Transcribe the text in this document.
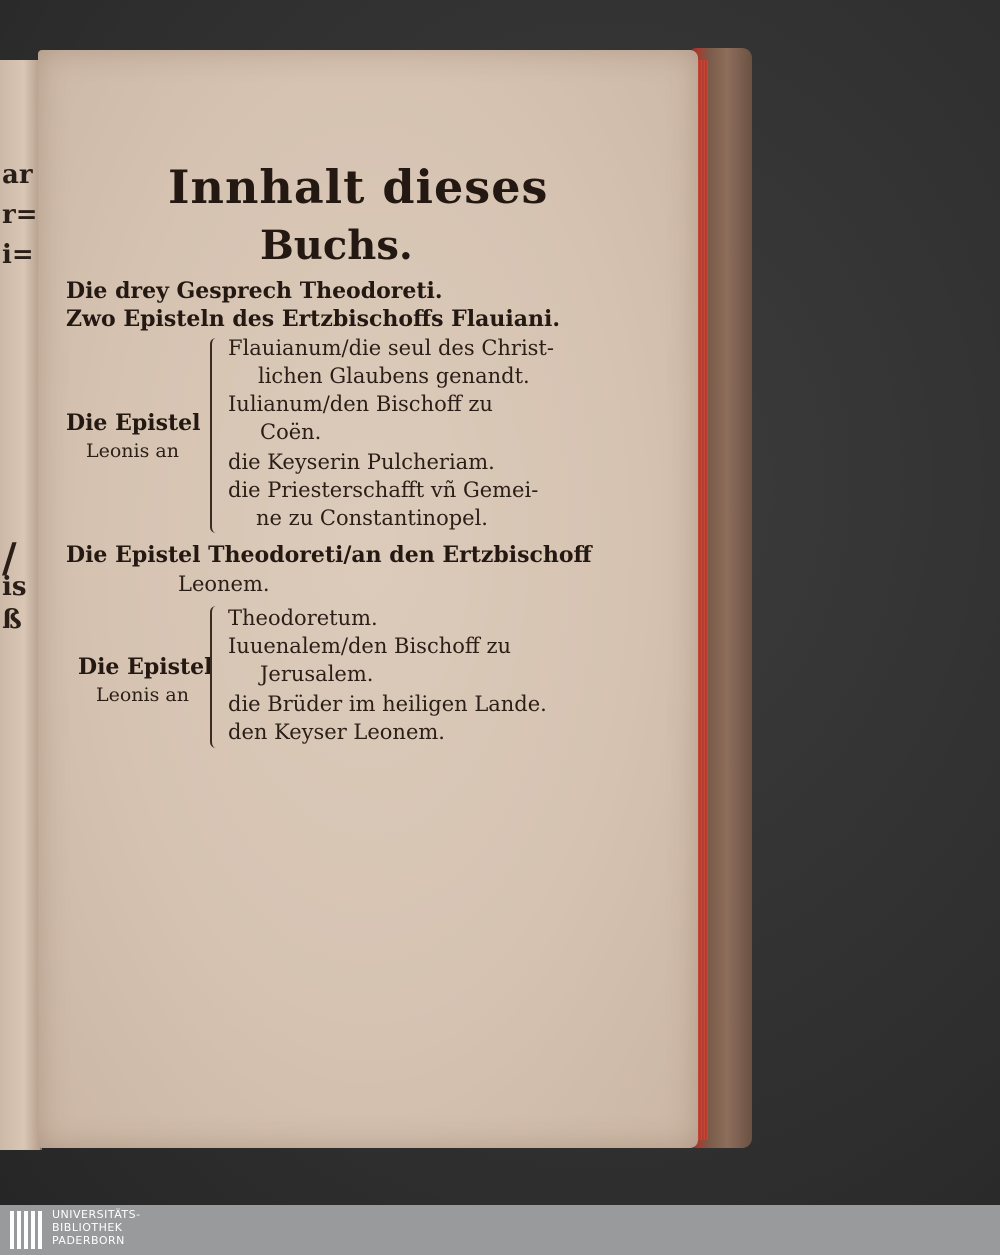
ar
r=
i=
/
is
ß
Innhalt dieses
Buchs.
Die drey Gesprech Theodoreti.
Zwo Episteln des Ertzbischoffs Flauiani.
Die Epistel
Leonis an
Flauianum/die seul des Christ-
lichen Glaubens genandt.
Iulianum/den Bischoff zu
Coën.
die Keyserin Pulcheriam.
die Priesterschafft vñ Gemei-
ne zu Constantinopel.
Die Epistel Theodoreti/an den Ertzbischoff
Leonem.
Die Epistel
Leonis an
Theodoretum.
Iuuenalem/den Bischoff zu
Jerusalem.
die Brüder im heiligen Lande.
den Keyser Leonem.
UNIVERSITÄTS-
BIBLIOTHEK
PADERBORN
